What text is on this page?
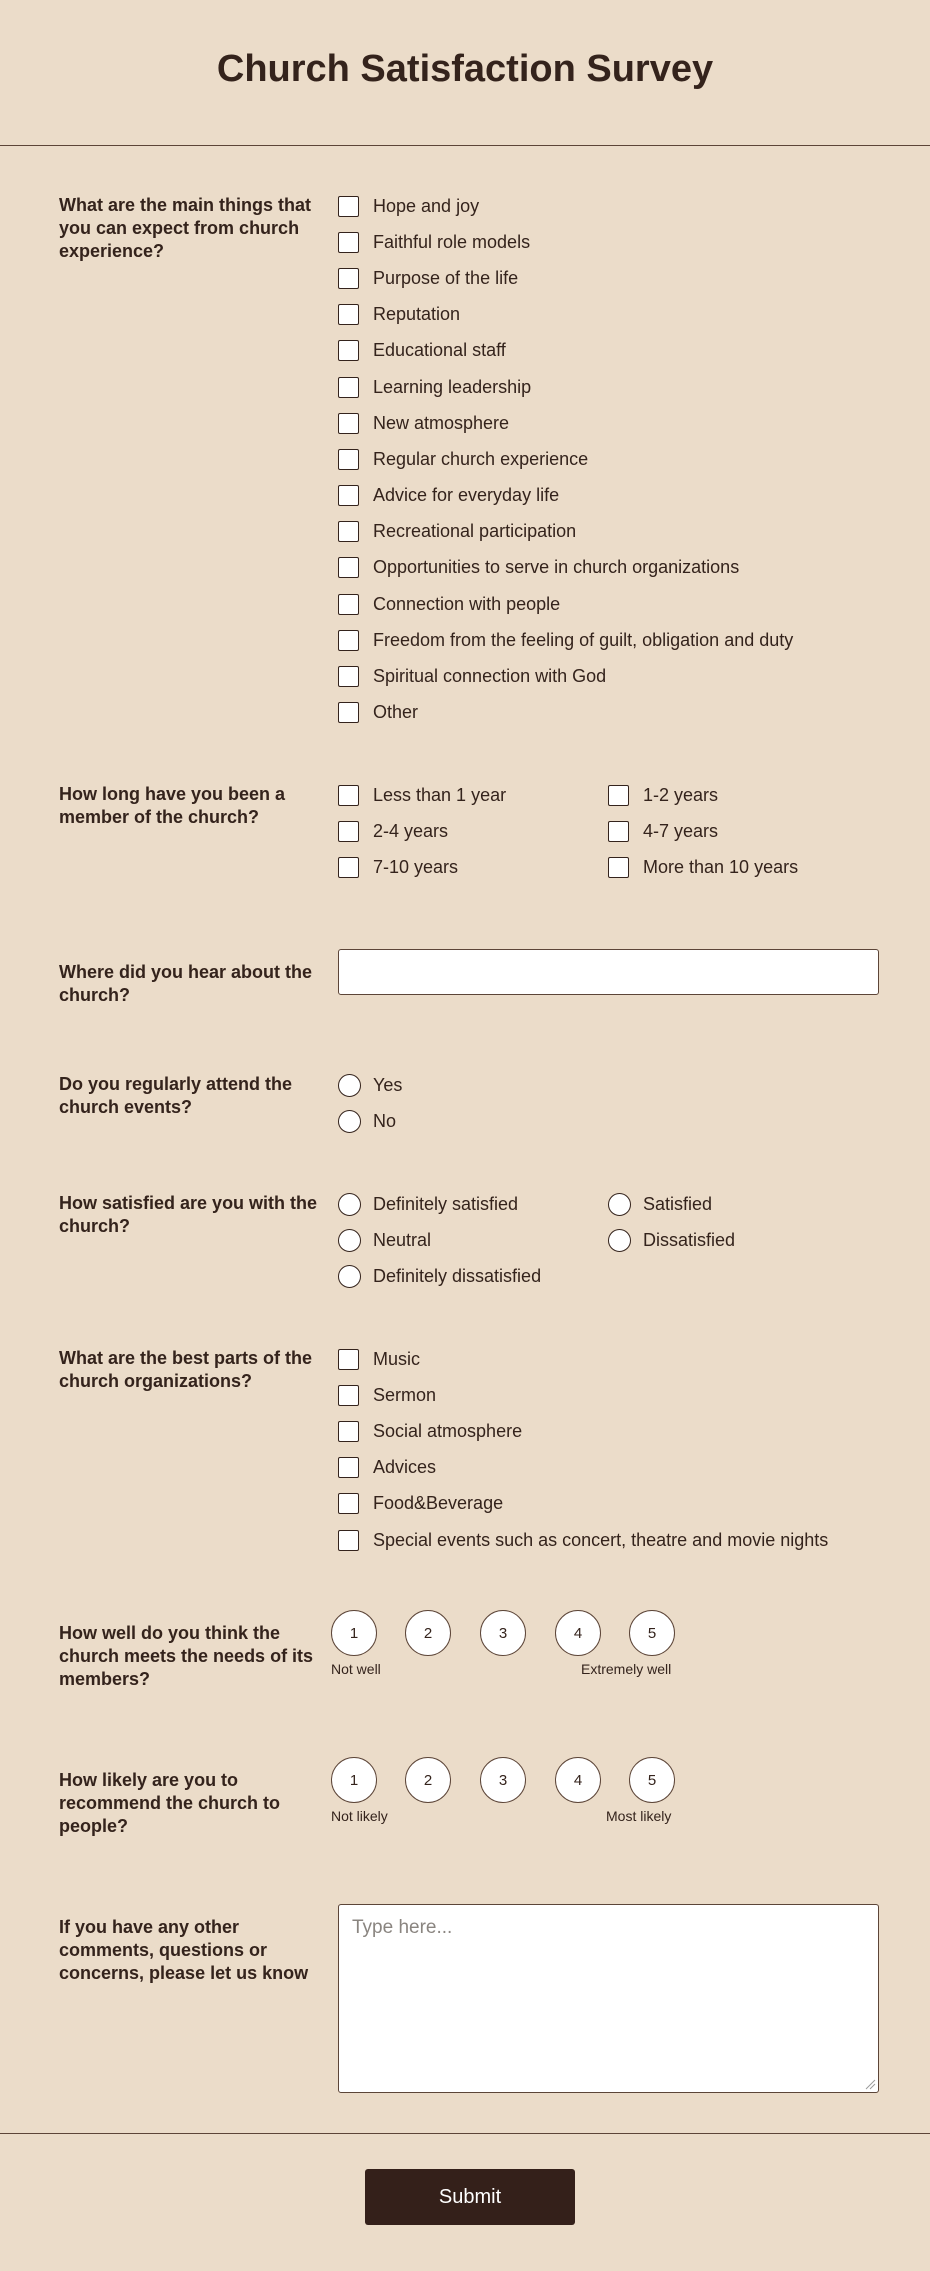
Church Satisfaction Survey
What are the main things that you can expect from church experience?
Hope and joy
Faithful role models
Purpose of the life
Reputation
Educational staff
Learning leadership
New atmosphere
Regular church experience
Advice for everyday life
Recreational participation
Opportunities to serve in church organizations
Connection with people
Freedom from the feeling of guilt, obligation and duty
Spiritual connection with God
Other
How long have you been a member of the church?
Less than 1 year	1-2 years
2-4 years	4-7 years
7-10 years	More than 10 years
Where did you hear about the church?
Do you regularly attend the church events?
Yes
No
How satisfied are you with the church?
Definitely satisfied	Satisfied
Neutral	Dissatisfied
Definitely dissatisfied
What are the best parts of the church organizations?
Music
Sermon
Social atmosphere
Advices
Food&Beverage
Special events such as concert, theatre and movie nights
How well do you think the church meets the needs of its members?
1	2	3	4	5
Not well	Extremely well
How likely are you to recommend the church to people?
1	2	3	4	5
Not likely	Most likely
If you have any other comments, questions or concerns, please let us know
Type here...
Submit
